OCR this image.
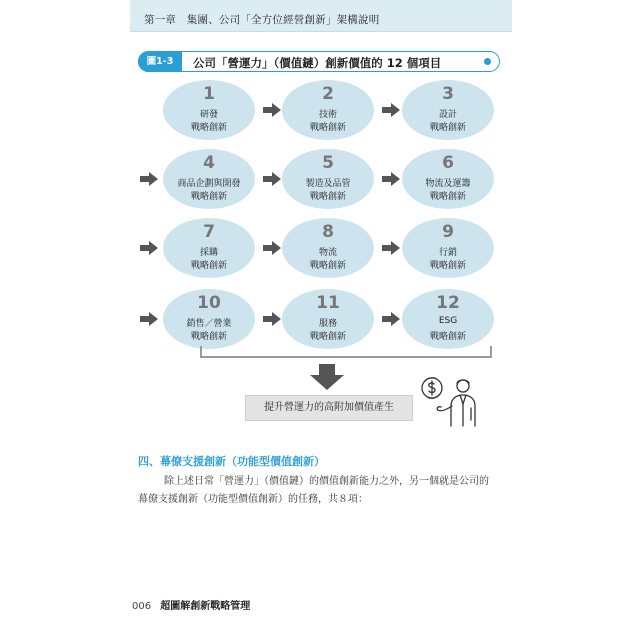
第一章　集團、公司「全方位經營創新」架構說明
圖1-3	公司「營運力」（價值鏈）創新價值的 12 個項目
1
研發
戰略創新
2
技術
戰略創新
3
設計
戰略創新
4
商品企劃與開發
戰略創新
5
製造及品管
戰略創新
6
物流及運籌
戰略創新
7
採購
戰略創新
8
物流
戰略創新
9
行銷
戰略創新
10
銷售／營業
戰略創新
11
服務
戰略創新
12
ESG
戰略創新
提升營運力的高附加價值產生
四、幕僚支援創新（功能型價值創新）
除上述日常「營運力」（價值鏈）的價值創新能力之外，另一個就是公司的
幕僚支援創新（功能型價值創新）的任務，共８項：
006 超圖解創新戰略管理
